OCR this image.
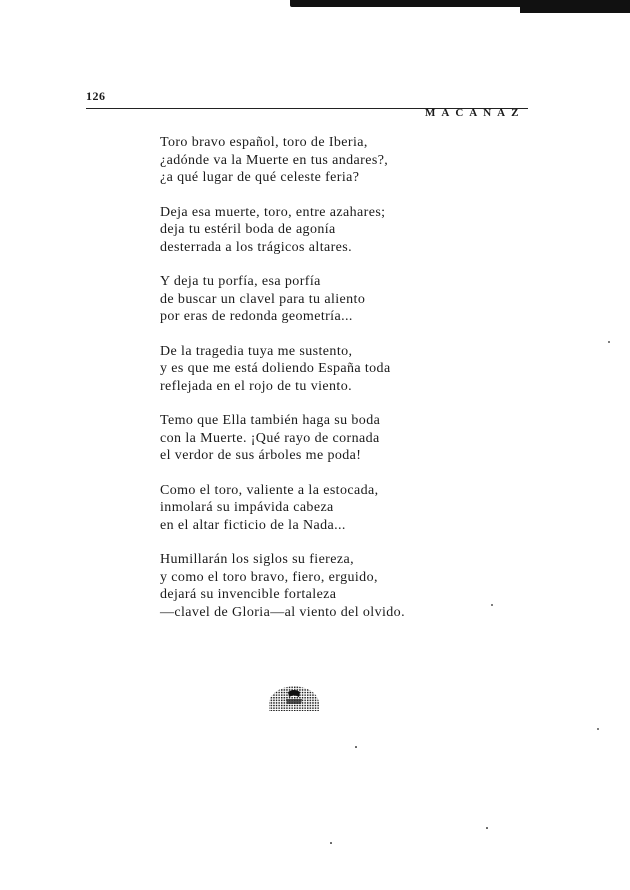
126
MACANAZ
Toro bravo español, toro de Iberia,
¿adónde va la Muerte en tus andares?,
¿a qué lugar de qué celeste feria?
Deja esa muerte, toro, entre azahares;
deja tu estéril boda de agonía
desterrada a los trágicos altares.
Y deja tu porfía, esa porfía
de buscar un clavel para tu aliento
por eras de redonda geometría...
De la tragedia tuya me sustento,
y es que me está doliendo España toda
reflejada en el rojo de tu viento.
Temo que Ella también haga su boda
con la Muerte. ¡Qué rayo de cornada
el verdor de sus árboles me poda!
Como el toro, valiente a la estocada,
inmolará su impávida cabeza
en el altar ficticio de la Nada...
Humillarán los siglos su fiereza,
y como el toro bravo, fiero, erguido,
dejará su invencible fortaleza
—clavel de Gloria—al viento del olvido.
